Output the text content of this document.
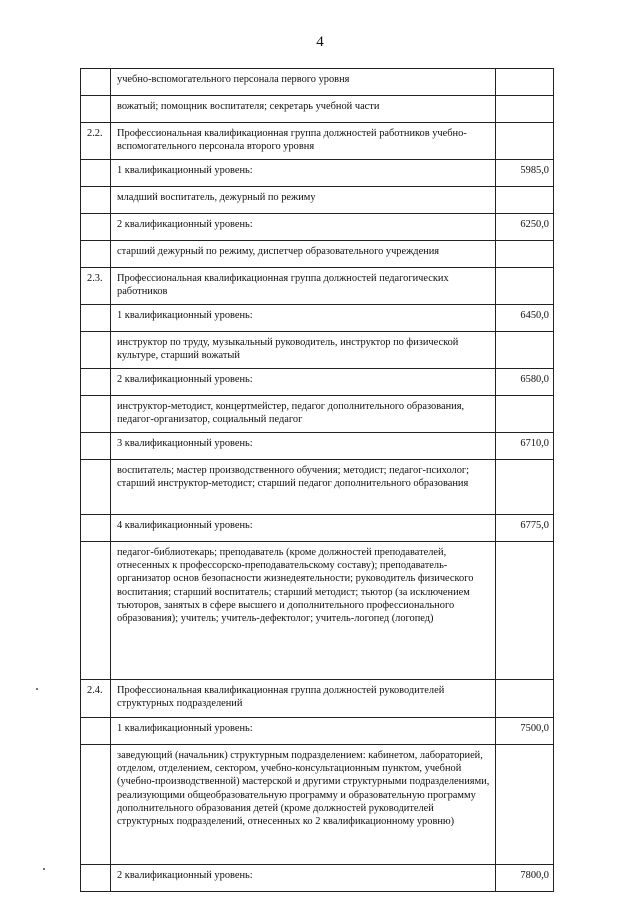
4
	учебно-вспомогательного персонала первого уровня	
	вожатый; помощник воспитателя; секретарь учебной части	
2.2.	Профессиональная квалификационная группа должностей работников учебно-вспомогательного персонала второго уровня	
	1 квалификационный уровень:	5985,0
	младший воспитатель, дежурный по режиму	
	2 квалификационный уровень:	6250,0
	старший дежурный по режиму, диспетчер образовательного учреждения	
2.3.	Профессиональная квалификационная группа должностей педагогических работников	
	1 квалификационный уровень:	6450,0
	инструктор по труду, музыкальный руководитель, инструктор по физической культуре, старший вожатый	
	2 квалификационный уровень:	6580,0
	инструктор-методист, концертмейстер, педагог дополнительного образования, педагог-организатор, социальный педагог	
	3 квалификационный уровень:	6710,0
	воспитатель; мастер производственного обучения; методист; педагог-психолог; старший инструктор-методист; старший педагог дополнительного образования	
	4 квалификационный уровень:	6775,0
	педагог-библиотекарь; преподаватель (кроме должностей преподавателей, отнесенных к профессорско-преподавательскому составу); преподаватель-организатор основ безопасности жизнедеятельности; руководитель физического воспитания; старший воспитатель; старший методист; тьютор (за исключением тьюторов, занятых в сфере высшего и дополнительного профессионального образования); учитель; учитель-дефектолог; учитель-логопед (логопед)	
2.4.	Профессиональная квалификационная группа должностей руководителей структурных подразделений	
	1 квалификационный уровень:	7500,0
	заведующий (начальник) структурным подразделением: кабинетом, лабораторией, отделом, отделением, сектором, учебно-консультационным пунктом, учебной (учебно-производственной) мастерской и другими структурными подразделениями, реализующими общеобразовательную программу и образовательную программу дополнительного образования детей (кроме должностей руководителей структурных подразделений, отнесенных ко 2 квалификационному уровню)	
	2 квалификационный уровень:	7800,0
